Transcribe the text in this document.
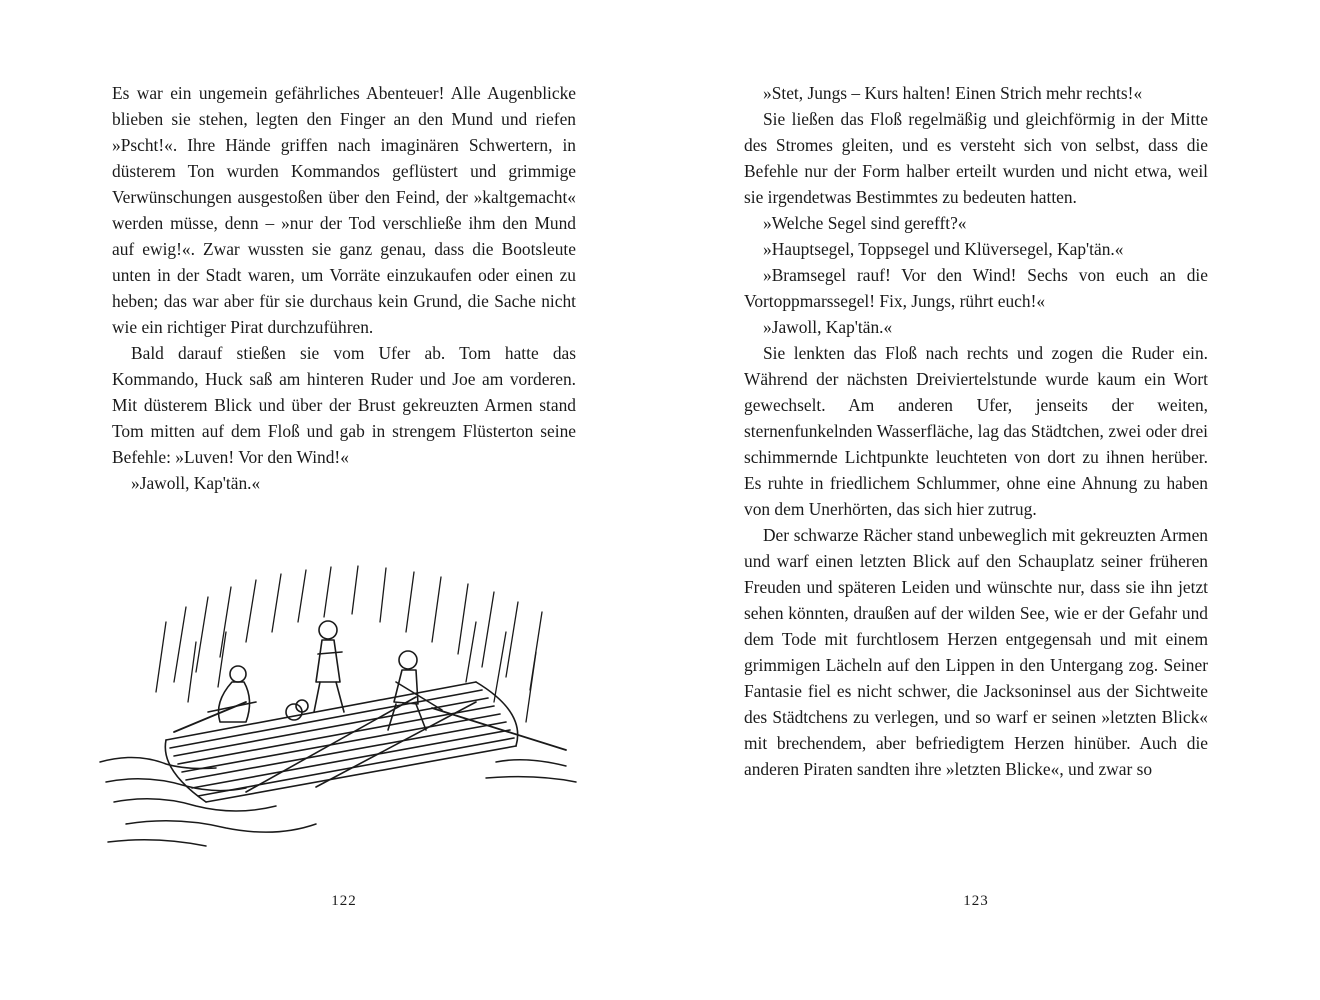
Es war ein ungemein gefährliches Abenteuer! Alle Augenblicke blieben sie stehen, legten den Finger an den Mund und riefen »Pscht!«. Ihre Hände griffen nach imaginären Schwertern, in düsterem Ton wurden Kommandos geflüstert und grimmige Verwünschungen ausgestoßen über den Feind, der »kaltgemacht« werden müsse, denn – »nur der Tod verschließe ihm den Mund auf ewig!«. Zwar wussten sie ganz genau, dass die Bootsleute unten in der Stadt waren, um Vorräte einzukaufen oder einen zu heben; das war aber für sie durchaus kein Grund, die Sache nicht wie ein richtiger Pirat durchzuführen.

Bald darauf stießen sie vom Ufer ab. Tom hatte das Kommando, Huck saß am hinteren Ruder und Joe am vorderen. Mit düsterem Blick und über der Brust gekreuzten Armen stand Tom mitten auf dem Floß und gab in strengem Flüsterton seine Befehle: »Luven! Vor den Wind!«

»Jawoll, Kap'tän.«

122

»Stet, Jungs – Kurs halten! Einen Strich mehr rechts!«

Sie ließen das Floß regelmäßig und gleichförmig in der Mitte des Stromes gleiten, und es versteht sich von selbst, dass die Befehle nur der Form halber erteilt wurden und nicht etwa, weil sie irgendetwas Bestimmtes zu bedeuten hatten.

»Welche Segel sind gerefft?«

»Hauptsegel, Toppsegel und Klüversegel, Kap'tän.«

»Bramsegel rauf! Vor den Wind! Sechs von euch an die Vortoppmarssegel! Fix, Jungs, rührt euch!«

»Jawoll, Kap'tän.«

Sie lenkten das Floß nach rechts und zogen die Ruder ein. Während der nächsten Dreiviertelstunde wurde kaum ein Wort gewechselt. Am anderen Ufer, jenseits der weiten, sternenfunkelnden Wasserfläche, lag das Städtchen, zwei oder drei schimmernde Lichtpunkte leuchteten von dort zu ihnen herüber. Es ruhte in friedlichem Schlummer, ohne eine Ahnung zu haben von dem Unerhörten, das sich hier zutrug.

Der schwarze Rächer stand unbeweglich mit gekreuzten Armen und warf einen letzten Blick auf den Schauplatz seiner früheren Freuden und späteren Leiden und wünschte nur, dass sie ihn jetzt sehen könnten, draußen auf der wilden See, wie er der Gefahr und dem Tode mit furchtlosem Herzen entgegensah und mit einem grimmigen Lächeln auf den Lippen in den Untergang zog. Seiner Fantasie fiel es nicht schwer, die Jacksoninsel aus der Sichtweite des Städtchens zu verlegen, und so warf er seinen »letzten Blick« mit brechendem, aber befriedigtem Herzen hinüber. Auch die anderen Piraten sandten ihre »letzten Blicke«, und zwar so

123
